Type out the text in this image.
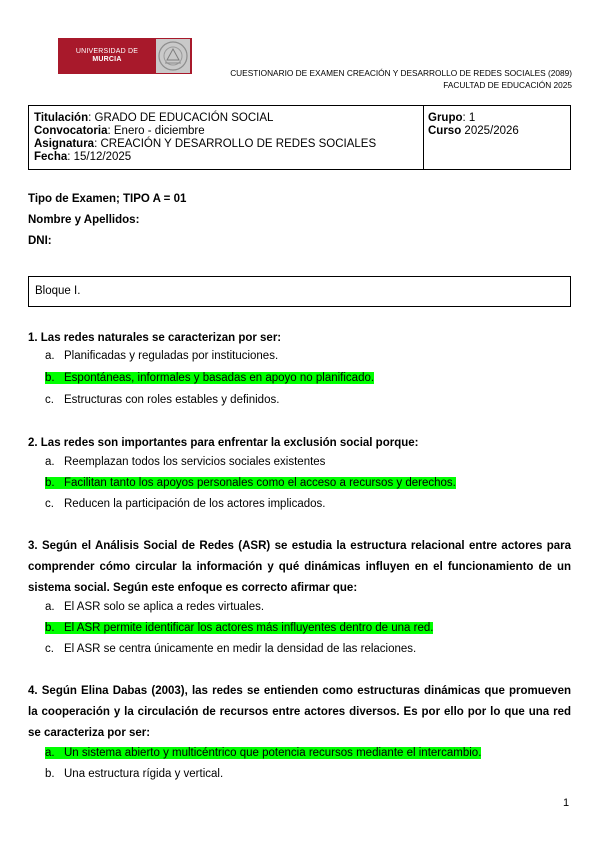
UNIVERSIDAD DE
MURCIA
CUESTIONARIO DE EXAMEN CREACIÓN Y DESARROLLO DE REDES SOCIALES (2089)
FACULTAD DE EDUCACIÓN 2025
Titulación: GRADO DE EDUCACIÓN SOCIAL
Convocatoria: Enero - diciembre
Asignatura: CREACIÓN Y DESARROLLO DE REDES SOCIALES
Fecha: 15/12/2025
Grupo: 1
Curso 2025/2026
Tipo de Examen; TIPO A = 01
Nombre y Apellidos:
DNI:
Bloque I.

1. Las redes naturales se caracterizan por ser:

a. Planificadas y reguladas por instituciones.
b. Espontáneas, informales y basadas en apoyo no planificado.
c. Estructuras con roles estables y definidos.

2. Las redes son importantes para enfrentar la exclusión social porque:

a. Reemplazan todos los servicios sociales existentes
b. Facilitan tanto los apoyos personales como el acceso a recursos y derechos.
c. Reducen la participación de los actores implicados.

3. Según el Análisis Social de Redes (ASR) se estudia la estructura relacional entre actores para comprender cómo circular la información y qué dinámicas influyen en el funcionamiento de un sistema social. Según este enfoque es correcto afirmar que:

a. El ASR solo se aplica a redes virtuales.
b. El ASR permite identificar los actores más influyentes dentro de una red.
c. El ASR se centra únicamente en medir la densidad de las relaciones.

4. Según Elina Dabas (2003), las redes se entienden como estructuras dinámicas que promueven la cooperación y la circulación de recursos entre actores diversos. Es por ello por lo que una red se caracteriza por ser:

a. Un sistema abierto y multicéntrico que potencia recursos mediante el intercambio.
b. Una estructura rígida y vertical.
1
